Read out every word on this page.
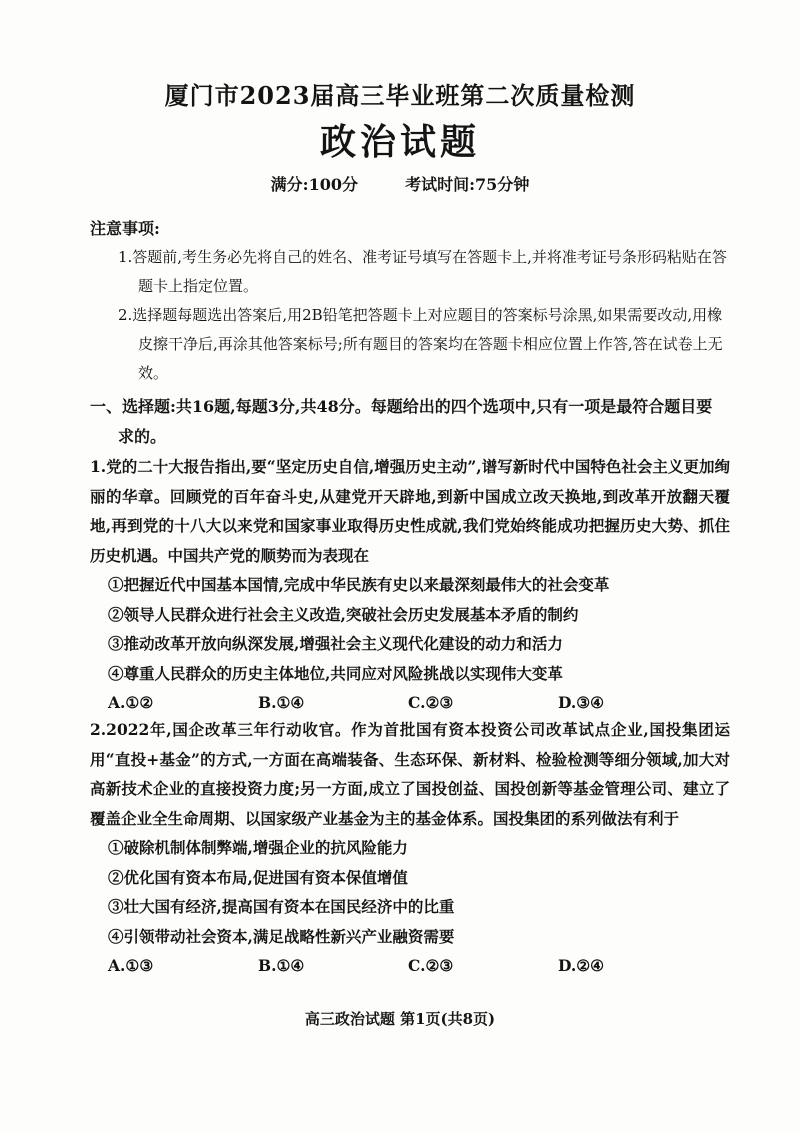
厦门市2023届高三毕业班第二次质量检测
政治试题
满分:100分	考试时间:75分钟
注意事项:
1.答题前,考生务必先将自己的姓名、准考证号填写在答题卡上,并将准考证号条形码粘贴在答题卡上指定位置。
2.选择题每题选出答案后,用2B铅笔把答题卡上对应题目的答案标号涂黑,如果需要改动,用橡皮擦干净后,再涂其他答案标号;所有题目的答案均在答题卡相应位置上作答,答在试卷上无效。
一、选择题:共16题,每题3分,共48分。每题给出的四个选项中,只有一项是最符合题目要
求的。
1.党的二十大报告指出,要“坚定历史自信,增强历史主动”,谱写新时代中国特色社会主义更加绚丽的华章。回顾党的百年奋斗史,从建党开天辟地,到新中国成立改天换地,到改革开放翻天覆地,再到党的十八大以来党和国家事业取得历史性成就,我们党始终能成功把握历史大势、抓住历史机遇。中国共产党的顺势而为表现在
①把握近代中国基本国情,完成中华民族有史以来最深刻最伟大的社会变革
②领导人民群众进行社会主义改造,突破社会历史发展基本矛盾的制约
③推动改革开放向纵深发展,增强社会主义现代化建设的动力和活力
④尊重人民群众的历史主体地位,共同应对风险挑战以实现伟大变革
A.①②	B.①④	C.②③	D.③④
2.2022年,国企改革三年行动收官。作为首批国有资本投资公司改革试点企业,国投集团运用“直投+基金”的方式,一方面在高端装备、生态环保、新材料、检验检测等细分领域,加大对高新技术企业的直接投资力度;另一方面,成立了国投创益、国投创新等基金管理公司、建立了覆盖企业全生命周期、以国家级产业基金为主的基金体系。国投集团的系列做法有利于
①破除机制体制弊端,增强企业的抗风险能力
②优化国有资本布局,促进国有资本保值增值
③壮大国有经济,提高国有资本在国民经济中的比重
④引领带动社会资本,满足战略性新兴产业融资需要
A.①③	B.①④	C.②③	D.②④
高三政治试题 第1页(共8页)
